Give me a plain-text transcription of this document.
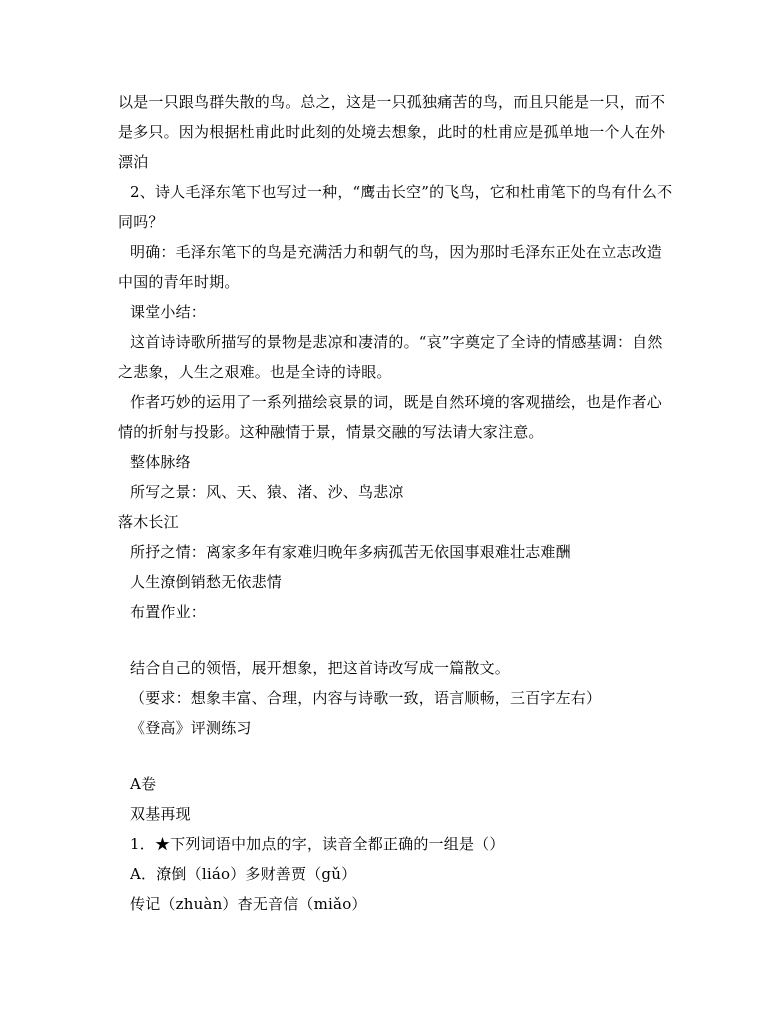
以是一只跟鸟群失散的鸟。总之，这是一只孤独痛苦的鸟，而且只能是一只，而不
是多只。因为根据杜甫此时此刻的处境去想象，此时的杜甫应是孤单地一个人在外
漂泊
2、诗人毛泽东笔下也写过一种，“鹰击长空”的飞鸟，它和杜甫笔下的鸟有什么不
同吗？
明确：毛泽东笔下的鸟是充满活力和朝气的鸟，因为那时毛泽东正处在立志改造
中国的青年时期。
课堂小结：
这首诗诗歌所描写的景物是悲凉和凄清的。“哀”字奠定了全诗的情感基调：自然
之悲象，人生之艰难。也是全诗的诗眼。
作者巧妙的运用了一系列描绘哀景的词，既是自然环境的客观描绘，也是作者心
情的折射与投影。这种融情于景，情景交融的写法请大家注意。
整体脉络
所写之景：风、天、猿、渚、沙、鸟悲凉
落木长江
所抒之情：离家多年有家难归晚年多病孤苦无依国事艰难壮志难酬
人生潦倒销愁无依悲情
布置作业：
结合自己的领悟，展开想象，把这首诗改写成一篇散文。
（要求：想象丰富、合理，内容与诗歌一致，语言顺畅，三百字左右）
《登高》评测练习
A卷
双基再现
1．★下列词语中加点的字，读音全都正确的一组是（）
A．潦倒（liáo）多财善贾（gǔ）
传记（zhuàn）杳无音信（miǎo）
